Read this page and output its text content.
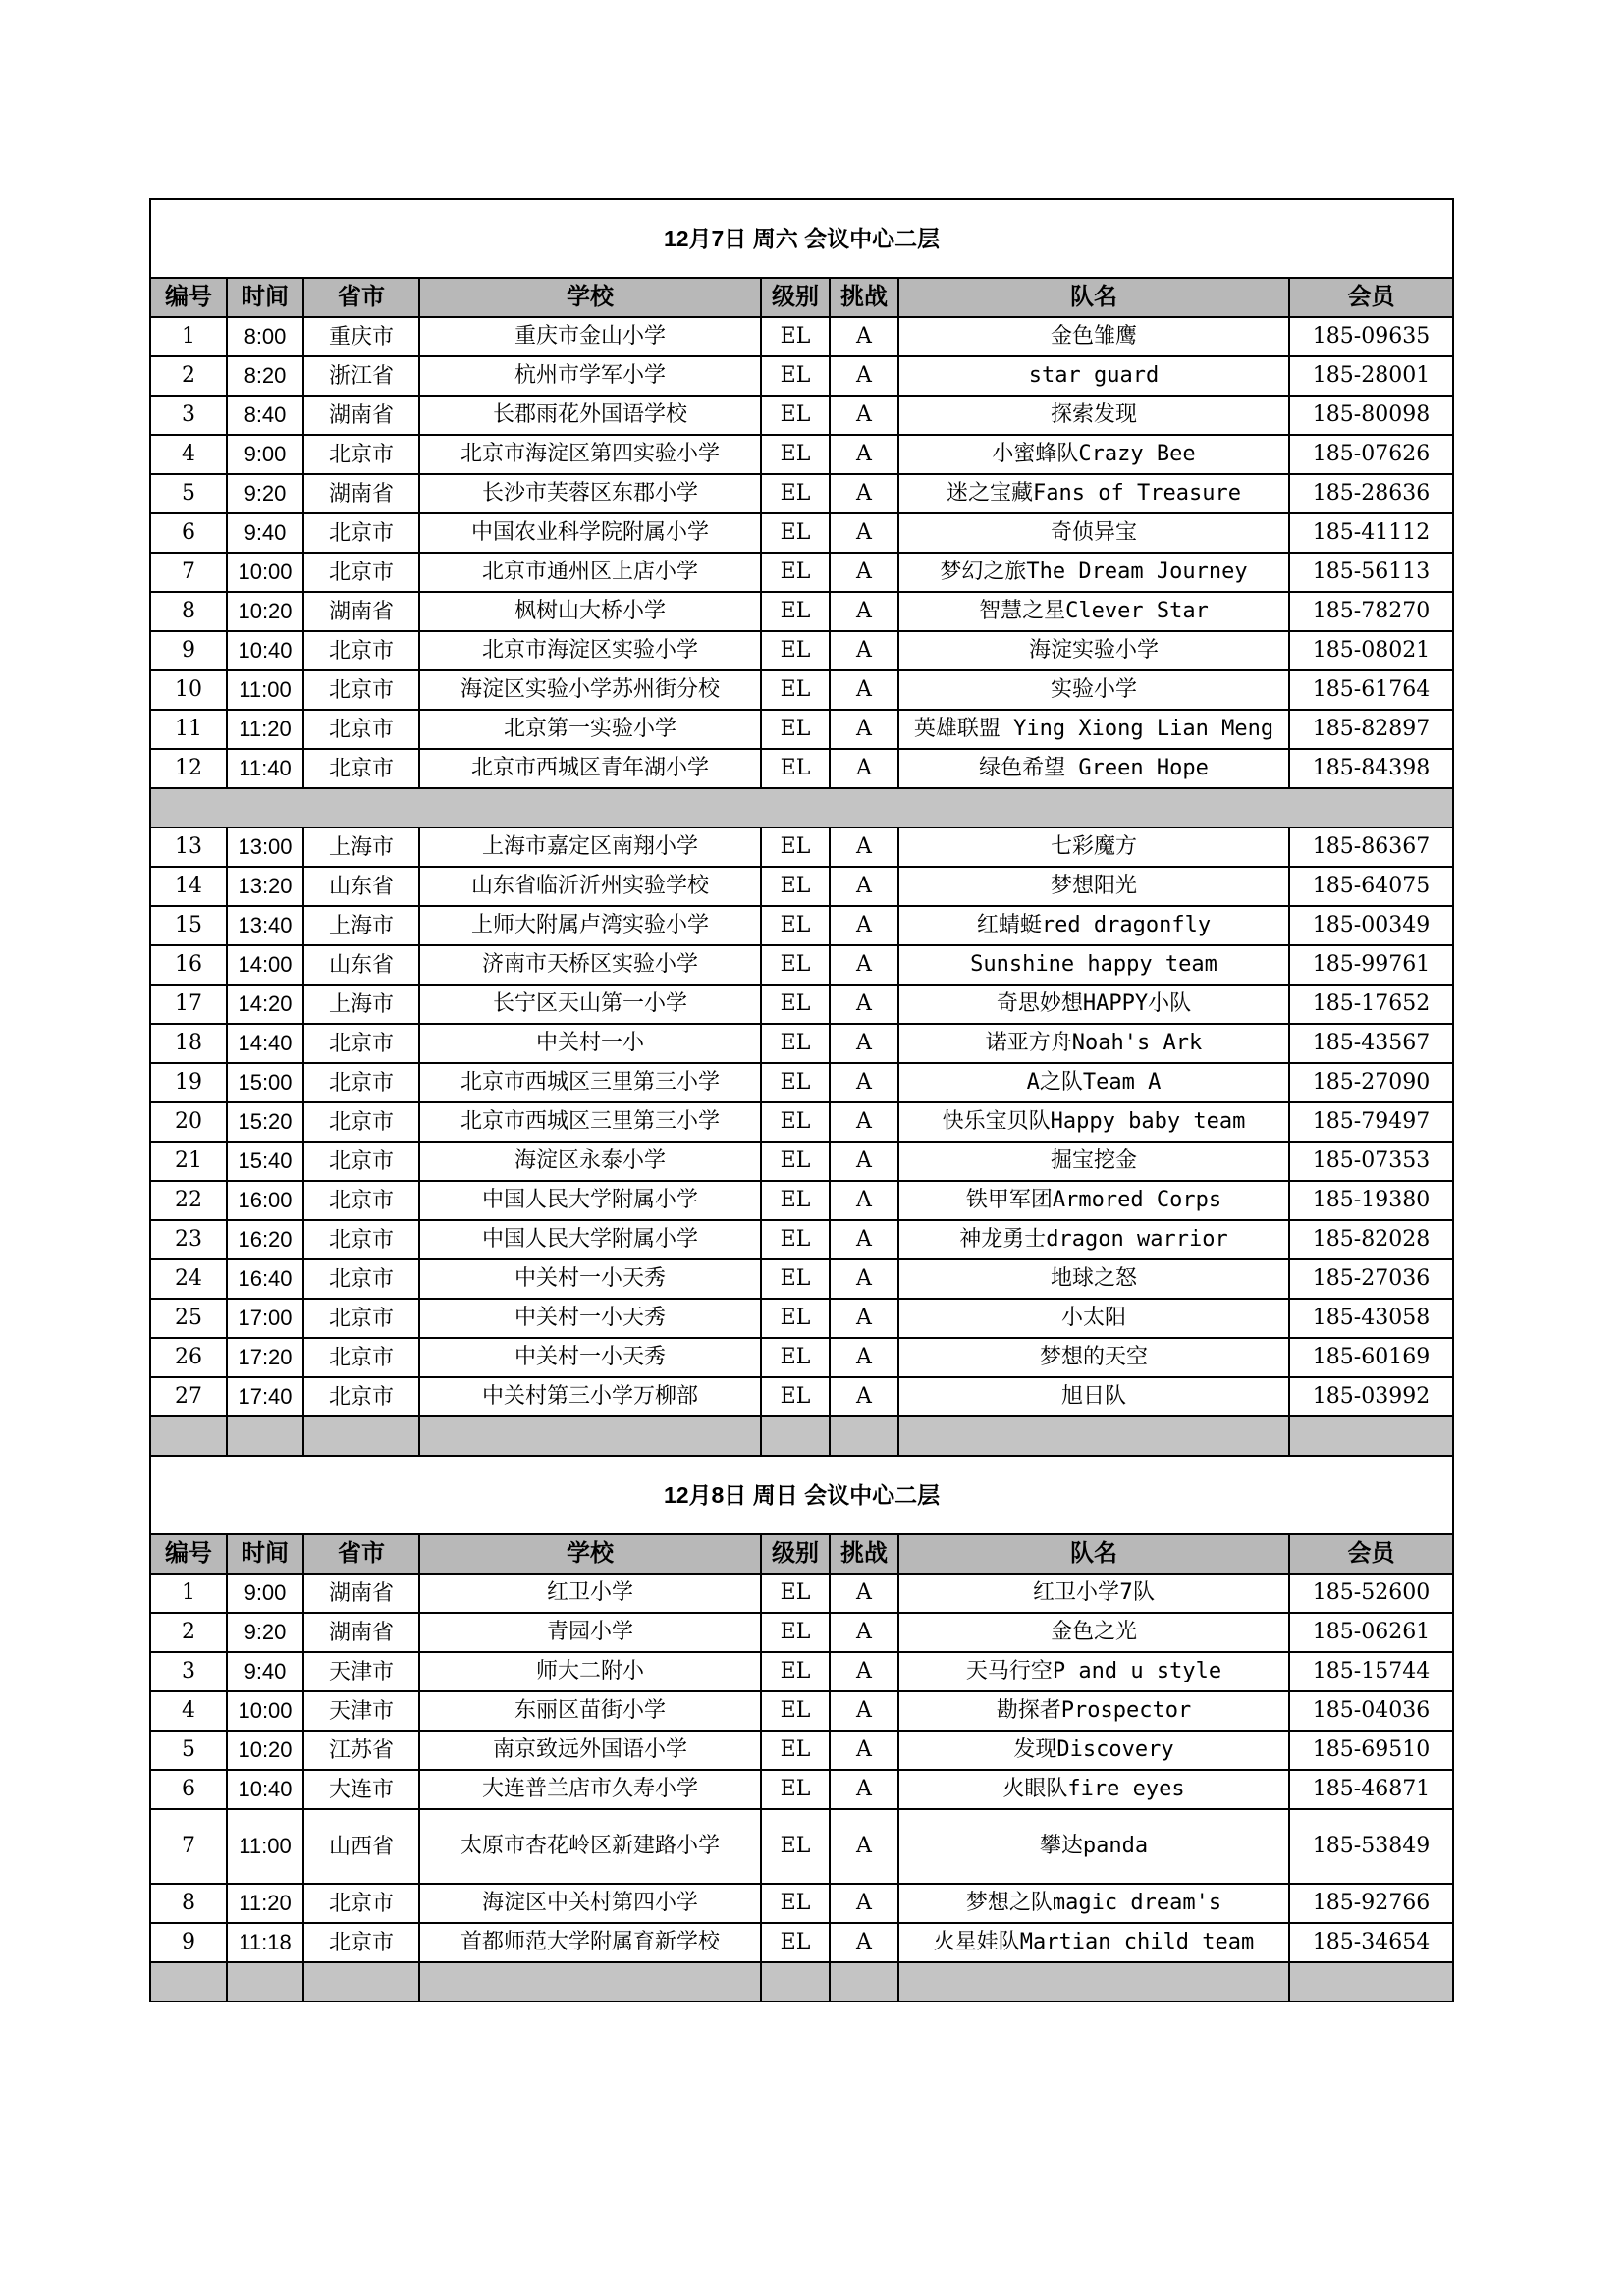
12月7日 周六 会议中心二层							
编号	时间	省市	学校	级别	挑战	队名	会员
1	8:00	重庆市	重庆市金山小学	EL	A	金色雏鹰	185-09635
2	8:20	浙江省	杭州市学军小学	EL	A	star guard	185-28001
3	8:40	湖南省	长郡雨花外国语学校	EL	A	探索发现	185-80098
4	9:00	北京市	北京市海淀区第四实验小学	EL	A	小蜜蜂队Crazy Bee	185-07626
5	9:20	湖南省	长沙市芙蓉区东郡小学	EL	A	迷之宝藏Fans of Treasure	185-28636
6	9:40	北京市	中国农业科学院附属小学	EL	A	奇侦异宝	185-41112
7	10:00	北京市	北京市通州区上店小学	EL	A	梦幻之旅The Dream Journey	185-56113
8	10:20	湖南省	枫树山大桥小学	EL	A	智慧之星Clever Star	185-78270
9	10:40	北京市	北京市海淀区实验小学	EL	A	海淀实验小学	185-08021
10	11:00	北京市	海淀区实验小学苏州街分校	EL	A	实验小学	185-61764
11	11:20	北京市	北京第一实验小学	EL	A	英雄联盟 Ying Xiong Lian Meng	185-82897
12	11:40	北京市	北京市西城区青年湖小学	EL	A	绿色希望 Green Hope	185-84398

13	13:00	上海市	上海市嘉定区南翔小学	EL	A	七彩魔方	185-86367
14	13:20	山东省	山东省临沂沂州实验学校	EL	A	梦想阳光	185-64075
15	13:40	上海市	上师大附属卢湾实验小学	EL	A	红蜻蜓red dragonfly	185-00349
16	14:00	山东省	济南市天桥区实验小学	EL	A	Sunshine happy team	185-99761
17	14:20	上海市	长宁区天山第一小学	EL	A	奇思妙想HAPPY小队	185-17652
18	14:40	北京市	中关村一小	EL	A	诺亚方舟Noah's Ark	185-43567
19	15:00	北京市	北京市西城区三里第三小学	EL	A	A之队Team A	185-27090
20	15:20	北京市	北京市西城区三里第三小学	EL	A	快乐宝贝队Happy baby team	185-79497
21	15:40	北京市	海淀区永泰小学	EL	A	掘宝挖金	185-07353
22	16:00	北京市	中国人民大学附属小学	EL	A	铁甲军团Armored Corps	185-19380
23	16:20	北京市	中国人民大学附属小学	EL	A	神龙勇士dragon warrior	185-82028
24	16:40	北京市	中关村一小天秀	EL	A	地球之怒	185-27036
25	17:00	北京市	中关村一小天秀	EL	A	小太阳	185-43058
26	17:20	北京市	中关村一小天秀	EL	A	梦想的天空	185-60169
27	17:40	北京市	中关村第三小学万柳部	EL	A	旭日队	185-03992

12月8日 周日 会议中心二层							
编号	时间	省市	学校	级别	挑战	队名	会员
1	9:00	湖南省	红卫小学	EL	A	红卫小学7队	185-52600
2	9:20	湖南省	青园小学	EL	A	金色之光	185-06261
3	9:40	天津市	师大二附小	EL	A	天马行空P and u style	185-15744
4	10:00	天津市	东丽区苗街小学	EL	A	勘探者Prospector	185-04036
5	10:20	江苏省	南京致远外国语小学	EL	A	发现Discovery	185-69510
6	10:40	大连市	大连普兰店市久寿小学	EL	A	火眼队fire eyes	185-46871
7	11:00	山西省	太原市杏花岭区新建路小学	EL	A	攀达panda	185-53849
8	11:20	北京市	海淀区中关村第四小学	EL	A	梦想之队magic dream's	185-92766
9	11:18	北京市	首都师范大学附属育新学校	EL	A	火星娃队Martian child team	185-34654
